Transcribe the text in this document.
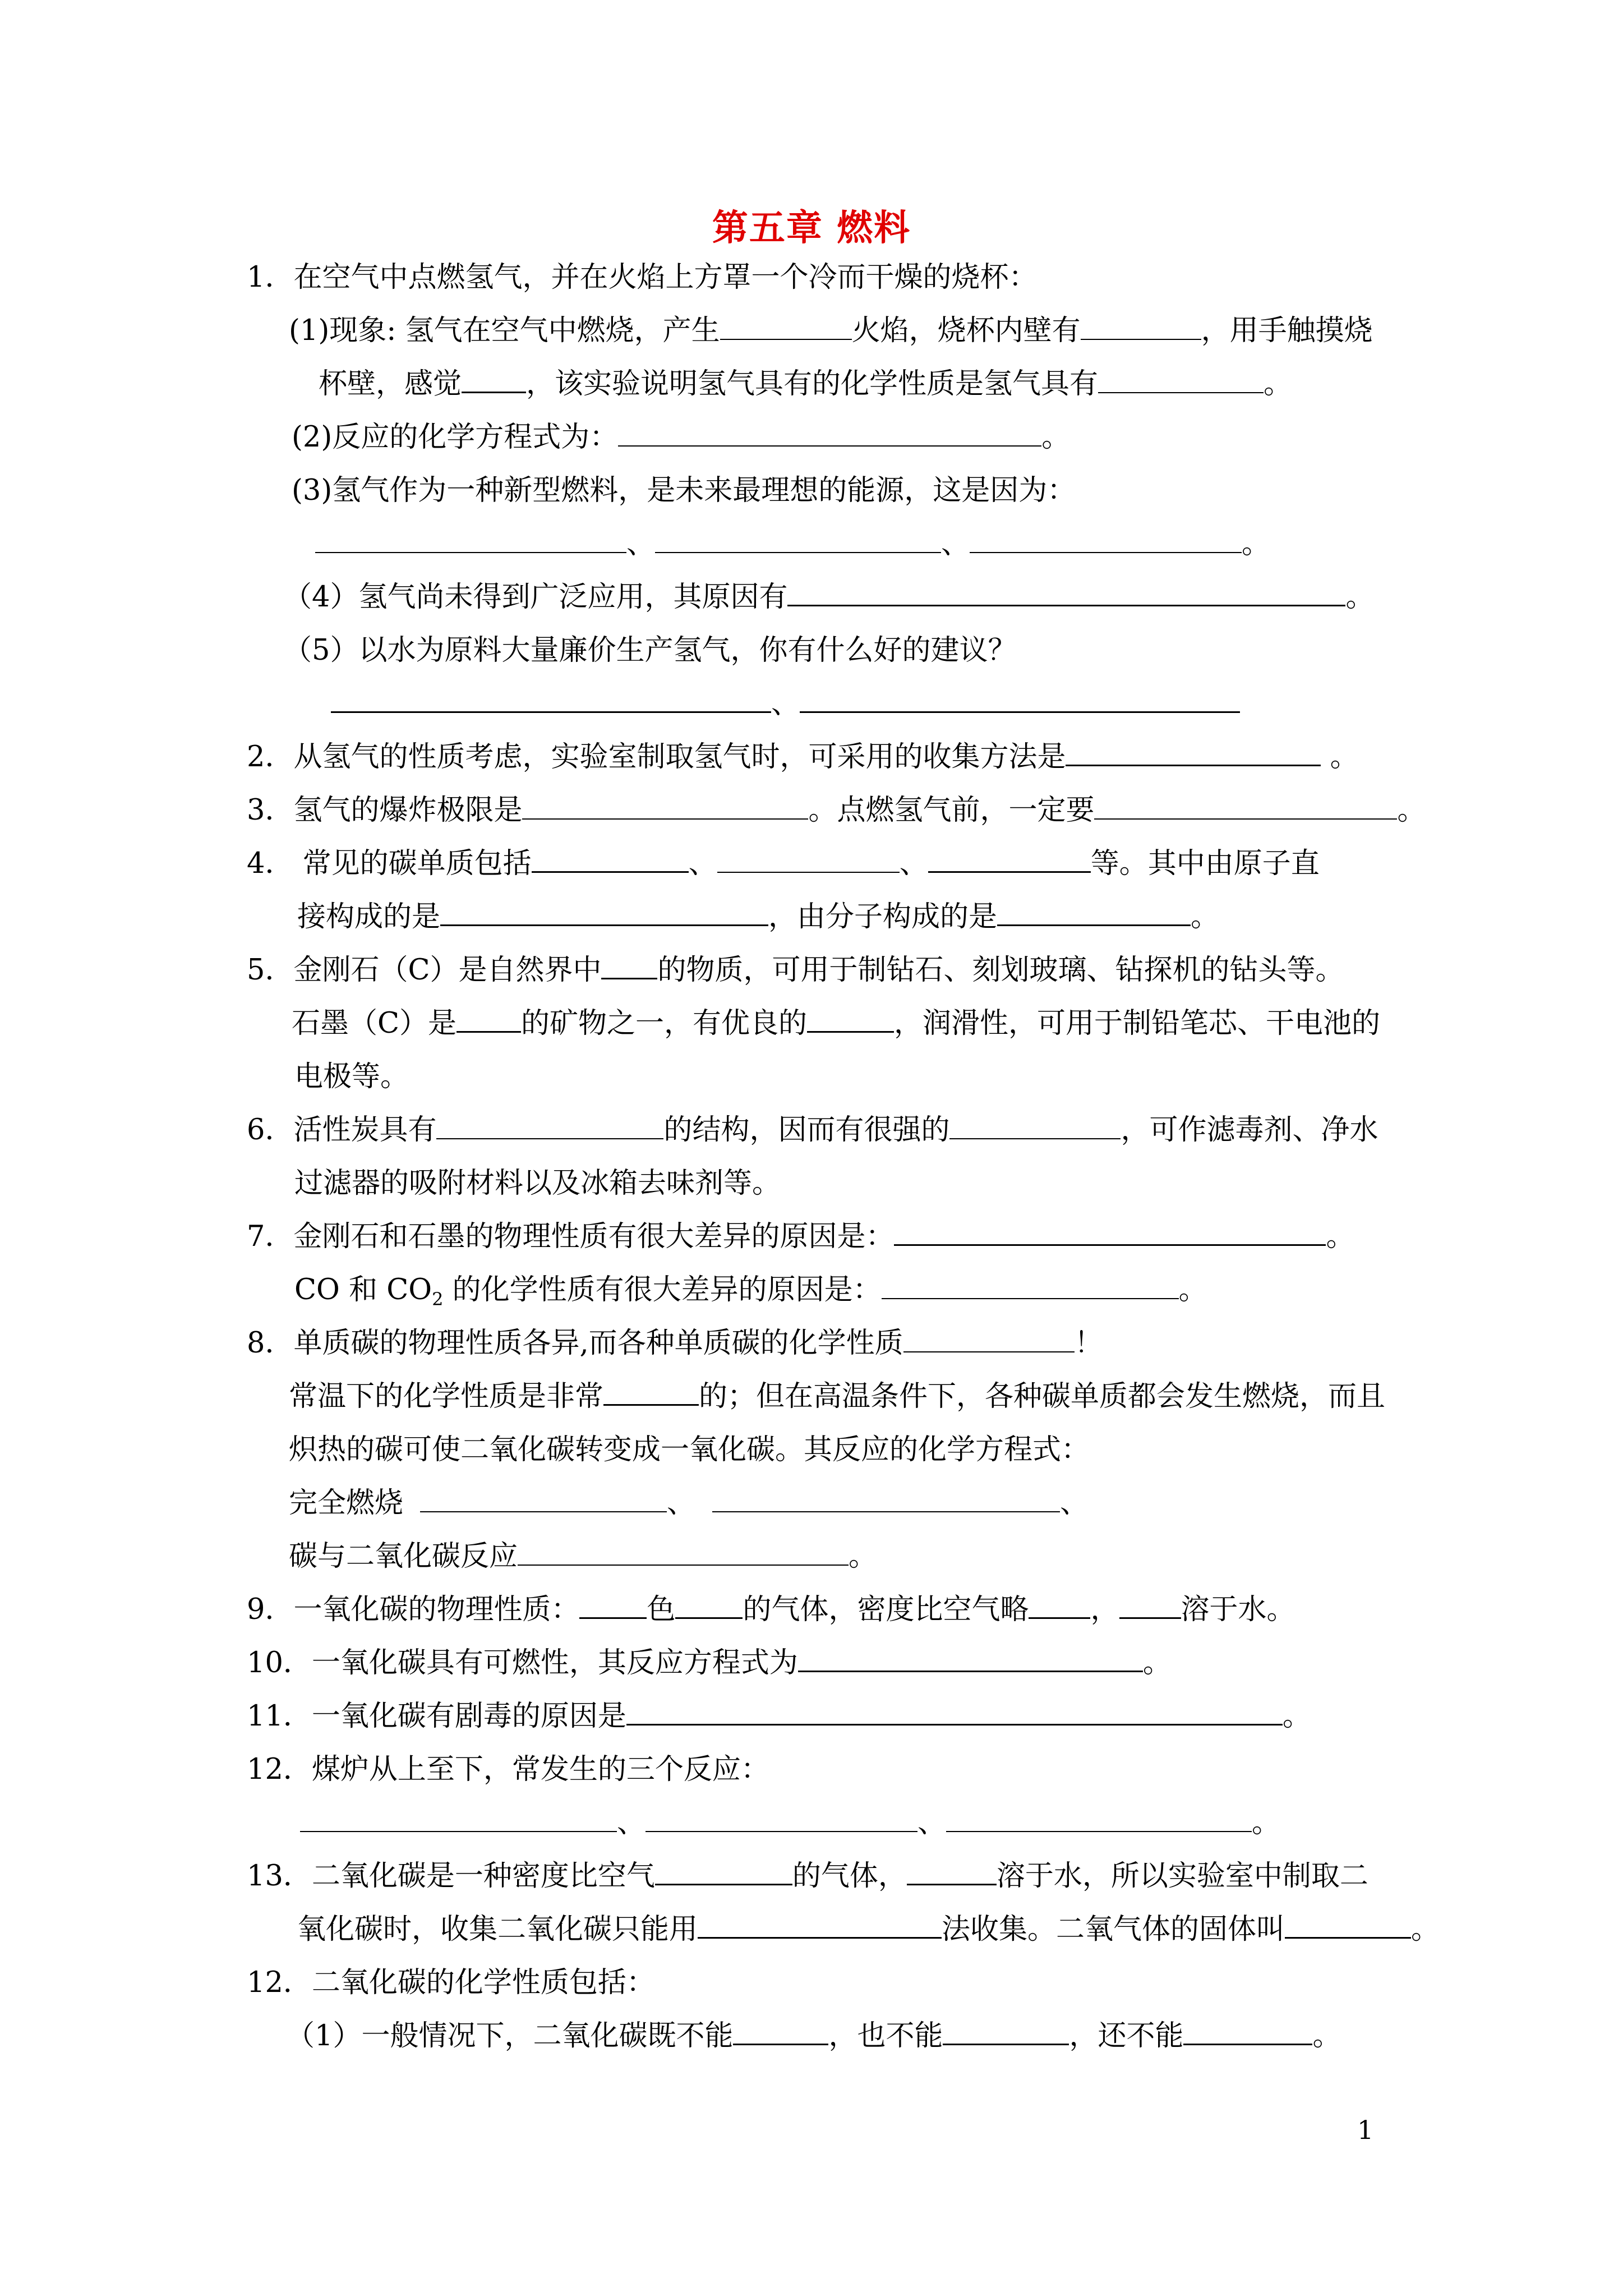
第五章 燃料
1．在空气中点燃氢气，并在火焰上方罩一个冷而干燥的烧杯：
(1)现象: 氢气在空气中燃烧，产生	火焰，烧杯内壁有	，用手触摸烧
杯壁，感觉 ，该实验说明氢气具有的化学性质是氢气具有	。
(2)反应的化学方程式为：	。
(3)氢气作为一种新型燃料，是未来最理想的能源，这是因为：
、	、	。
（4）氢气尚未得到广泛应用，其原因有	。
（5）以水为原料大量廉价生产氢气，你有什么好的建议？
、
2．从氢气的性质考虑，实验室制取氢气时，可采用的收集方法是	。
3．氢气的爆炸极限是	。点燃氢气前，一定要	。
4． 常见的碳单质包括	、	、	等。其中由原子直
接构成的是	，由分子构成的是	。
5．金刚石（C）是自然界中 的物质，可用于制钻石、刻划玻璃、钻探机的钻头等。
石墨（C）是 的矿物之一，有优良的	，润滑性，可用于制铅笔芯、干电池的
电极等。
6．活性炭具有	的结构，因而有很强的	，可作滤毒剂、净水
过滤器的吸附材料以及冰箱去味剂等。
7．金刚石和石墨的物理性质有很大差异的原因是：	。
CO 和 $CO_2$ 的化学性质有很大差异的原因是：	。
8．单质碳的物理性质各异,而各种单质碳的化学性质	！
常温下的化学性质是非常	的；但在高温条件下，各种碳单质都会发生燃烧，而且
炽热的碳可使二氧化碳转变成一氧化碳。其反应的化学方程式：
完全燃烧	、	、
碳与二氧化碳反应	。
9．一氧化碳的物理性质： 色 的气体，密度比空气略 ， 溶于水。
10．一氧化碳具有可燃性，其反应方程式为	。
11．一氧化碳有剧毒的原因是	。
12．煤炉从上至下，常发生的三个反应：
、	、	。
13．二氧化碳是一种密度比空气	的气体，	溶于水，所以实验室中制取二
氧化碳时，收集二氧化碳只能用	法收集。二氧气体的固体叫	。
12．二氧化碳的化学性质包括：
（1）一般情况下，二氧化碳既不能	，也不能	，还不能	。
1
